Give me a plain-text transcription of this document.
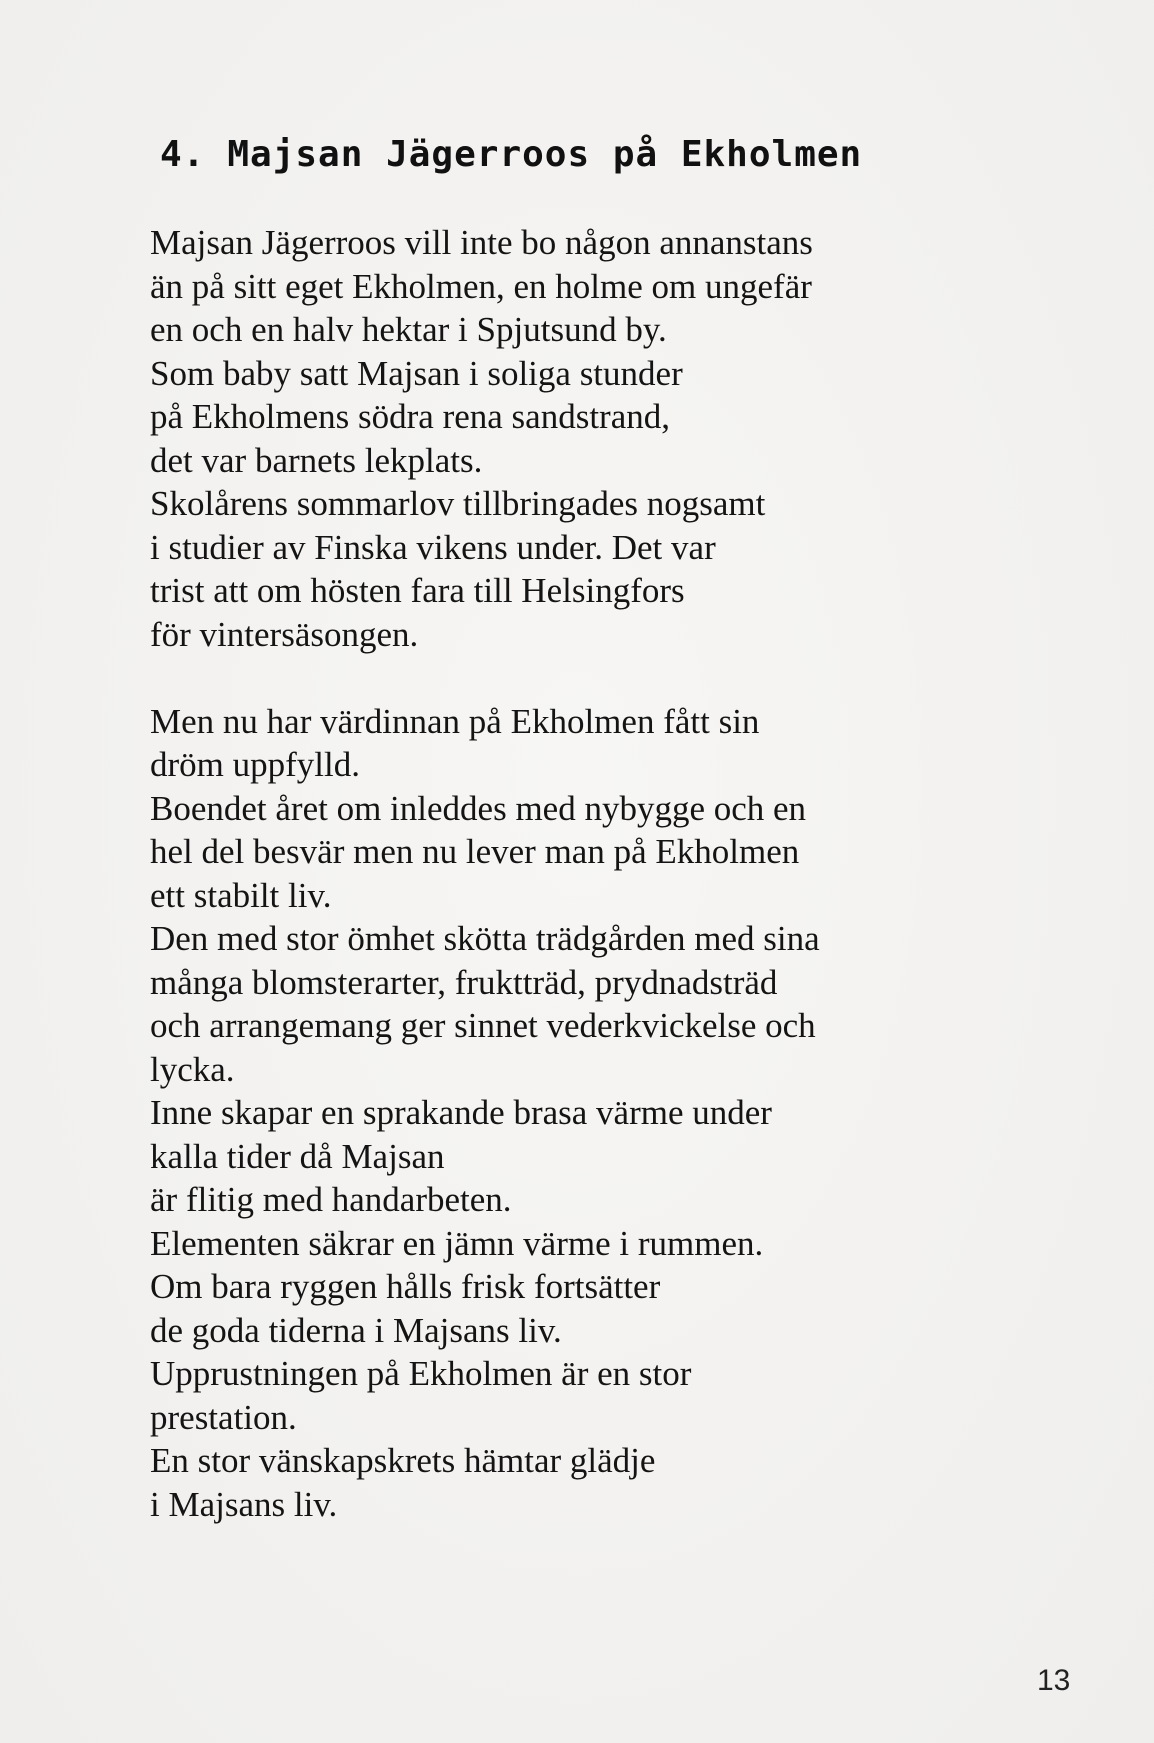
4. Majsan Jägerroos på Ekholmen
Majsan Jägerroos vill inte bo någon annanstans
än på sitt eget Ekholmen, en holme om ungefär
en och en halv hektar i Spjutsund by.
Som baby satt Majsan i soliga stunder
på Ekholmens södra rena sandstrand,
det var barnets lekplats.
Skolårens sommarlov tillbringades nogsamt
i studier av Finska vikens under. Det var
trist att om hösten fara till Helsingfors
för vintersäsongen.
Men nu har värdinnan på Ekholmen fått sin
dröm uppfylld.
Boendet året om inleddes med nybygge och en
hel del besvär men nu lever man på Ekholmen
ett stabilt liv.
Den med stor ömhet skötta trädgården med sina
många blomsterarter, fruktträd, prydnadsträd
och arrangemang ger sinnet vederkvickelse och
lycka.
Inne skapar en sprakande brasa värme under
kalla tider då Majsan
är flitig med handarbeten.
Elementen säkrar en jämn värme i rummen.
Om bara ryggen hålls frisk fortsätter
de goda tiderna i Majsans liv.
Upprustningen på Ekholmen är en stor
prestation.
En stor vänskapskrets hämtar glädje
i Majsans liv.
13
